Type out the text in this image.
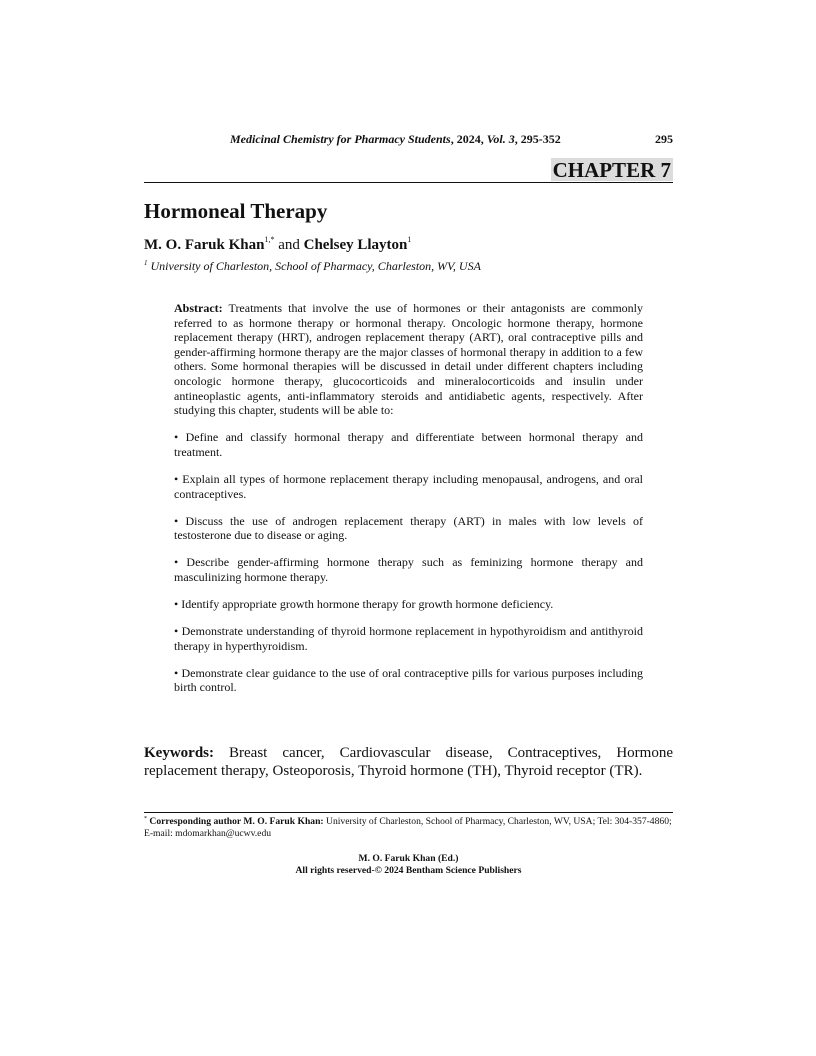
Medicinal Chemistry for Pharmacy Students, 2024, Vol. 3, 295-352	295
CHAPTER 7
Hormoneal Therapy
M. O. Faruk Khan$^{1,*}$ and Chelsey Llayton$^1$
$^1$ University of Charleston, School of Pharmacy, Charleston, WV, USA

Abstract: Treatments that involve the use of hormones or their antagonists are commonly referred to as hormone therapy or hormonal therapy. Oncologic hormone therapy, hormone replacement therapy (HRT), androgen replacement therapy (ART), oral contraceptive pills and gender-affirming hormone therapy are the major classes of hormonal therapy in addition to a few others. Some hormonal therapies will be discussed in detail under different chapters including oncologic hormone therapy, glucocorticoids and mineralocorticoids and insulin under antineoplastic agents, anti-inflammatory steroids and antidiabetic agents, respectively. After studying this chapter, students will be able to:

• Define and classify hormonal therapy and differentiate between hormonal therapy and treatment.

• Explain all types of hormone replacement therapy including menopausal, androgens, and oral contraceptives.

• Discuss the use of androgen replacement therapy (ART) in males with low levels of testosterone due to disease or aging.

• Describe gender-affirming hormone therapy such as feminizing hormone therapy and masculinizing hormone therapy.

• Identify appropriate growth hormone therapy for growth hormone deficiency.

• Demonstrate understanding of thyroid hormone replacement in hypothyroidism and antithyroid therapy in hyperthyroidism.

• Demonstrate clear guidance to the use of oral contraceptive pills for various purposes including birth control.

Keywords: Breast cancer, Cardiovascular disease, Contraceptives, Hormone replacement therapy, Osteoporosis, Thyroid hormone (TH), Thyroid receptor (TR).
* Corresponding author M. O. Faruk Khan: University of Charleston, School of Pharmacy, Charleston, WV, USA; Tel: 304-357-4860; E-mail: mdomarkhan@ucwv.edu
M. O. Faruk Khan (Ed.)
All rights reserved-© 2024 Bentham Science Publishers
